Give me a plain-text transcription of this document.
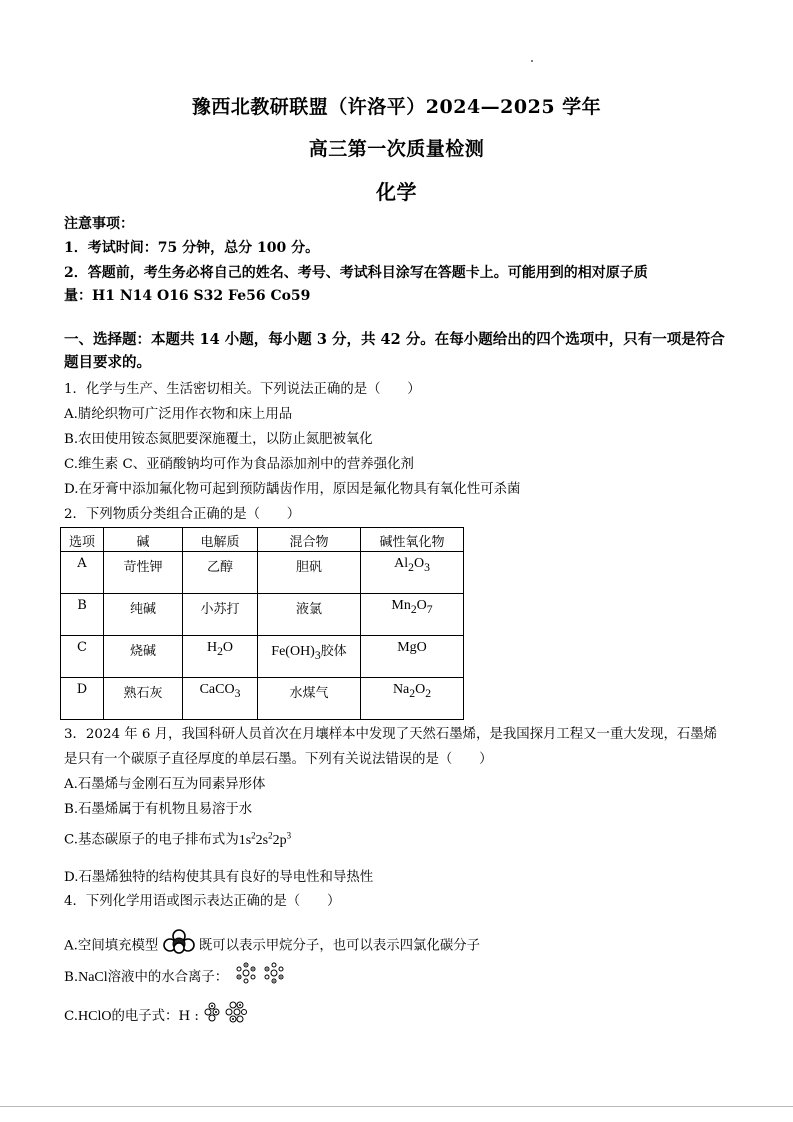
豫西北教研联盟（许洛平）2024—2025 学年
高三第一次质量检测
化学
注意事项：
1．考试时间：75 分钟，总分 100 分。
2．答题前，考生务必将自己的姓名、考号、考试科目涂写在答题卡上。可能用到的相对原子质
量：H1 N14 O16 S32 Fe56 Co59
一、选择题：本题共 14 小题，每小题 3 分，共 42 分。在每小题给出的四个选项中，只有一项是符合题目要求的。
1．化学与生产、生活密切相关。下列说法正确的是（　　）
A.腈纶织物可广泛用作衣物和床上用品
B.农田使用铵态氮肥要深施覆土，以防止氮肥被氧化
C.维生素 C、亚硝酸钠均可作为食品添加剂中的营养强化剂
D.在牙膏中添加氟化物可起到预防龋齿作用，原因是氟化物具有氧化性可杀菌
2．下列物质分类组合正确的是（　　）
选项	碱	电解质	混合物	碱性氧化物
A	苛性钾	乙醇	胆矾	$Al_2O_3$
B	纯碱	小苏打	液氯	$Mn_2O_7$
C	烧碱	$H_2O$	$Fe(OH)_3$胶体	MgO
D	熟石灰	CaCO$_3$	水煤气	$Na_2O_2$
3．2024 年 6 月，我国科研人员首次在月壤样本中发现了天然石墨烯，是我国探月工程又一重大发现，石墨烯
是只有一个碳原子直径厚度的单层石墨。下列有关说法错误的是（　　）
A.石墨烯与金刚石互为同素异形体
B.石墨烯属于有机物且易溶于水
C.基态碳原子的电子排布式为$1s^22s^22p^3$
D.石墨烯独特的结构使其具有良好的导电性和导热性
4．下列化学用语或图示表达正确的是（　　）
A.空间填充模型	既可以表示甲烷分子，也可以表示四氯化碳分子
B.NaCl溶液中的水合离子：
C.HClO的电子式：H :
